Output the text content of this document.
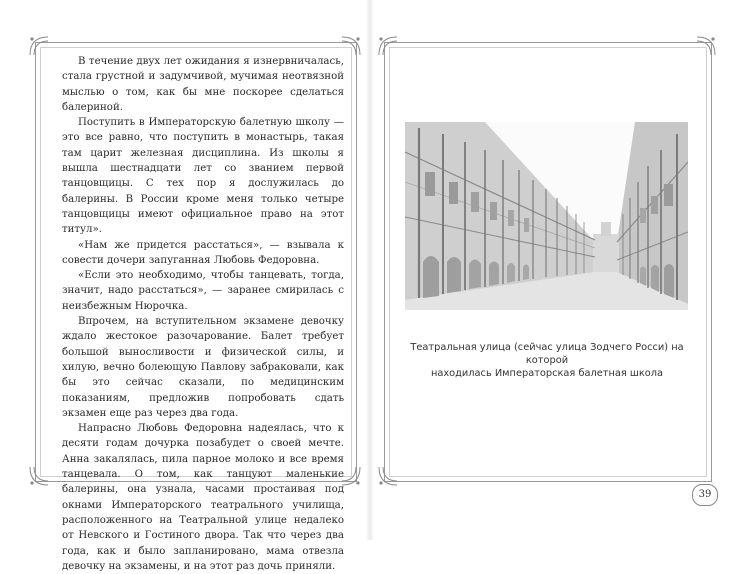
В течение двух лет ожидания я изнервничалась, стала грустной и задумчивой, мучимая неотвязной мыслью о том, как бы мне поскорее сделаться балериной.

Поступить в Императорскую балетную школу — это все равно, что поступить в монастырь, такая там царит железная дисциплина. Из школы я вышла шестнадцати лет со званием первой танцовщицы. С тех пор я дослужилась до балерины. В России кроме меня только четыре танцовщицы имеют официальное право на этот титул».

«Нам же придется расстаться», — взывала к совести дочери запуганная Любовь Федоровна.

«Если это необходимо, чтобы танцевать, тогда, значит, надо расстаться», — заранее смирилась с неизбежным Нюрочка.

Впрочем, на вступительном экзамене девочку ждало жестокое разочарование. Балет требует большой выносливости и физической силы, и хилую, вечно болеющую Павлову забраковали, как бы это сейчас сказали, по медицинским показаниям, предложив попробовать сдать экзамен еще раз через два года.

Напрасно Любовь Федоровна надеялась, что к десяти годам дочурка позабудет о своей мечте. Анна закалялась, пила парное молоко и все время танцевала. О том, как танцуют маленькие балерины, она узнала, часами простаивая под окнами Императорского театрального училища, расположенного на Театральной улице недалеко от Невского и Гостиного двора. Так что через два года, как и было запланировано, мама отвезла девочку на экзамены, и на этот раз дочь приняли.

Театральная улица (сейчас улица Зодчего Росси) на которой
находилась Императорская балетная школа
39
